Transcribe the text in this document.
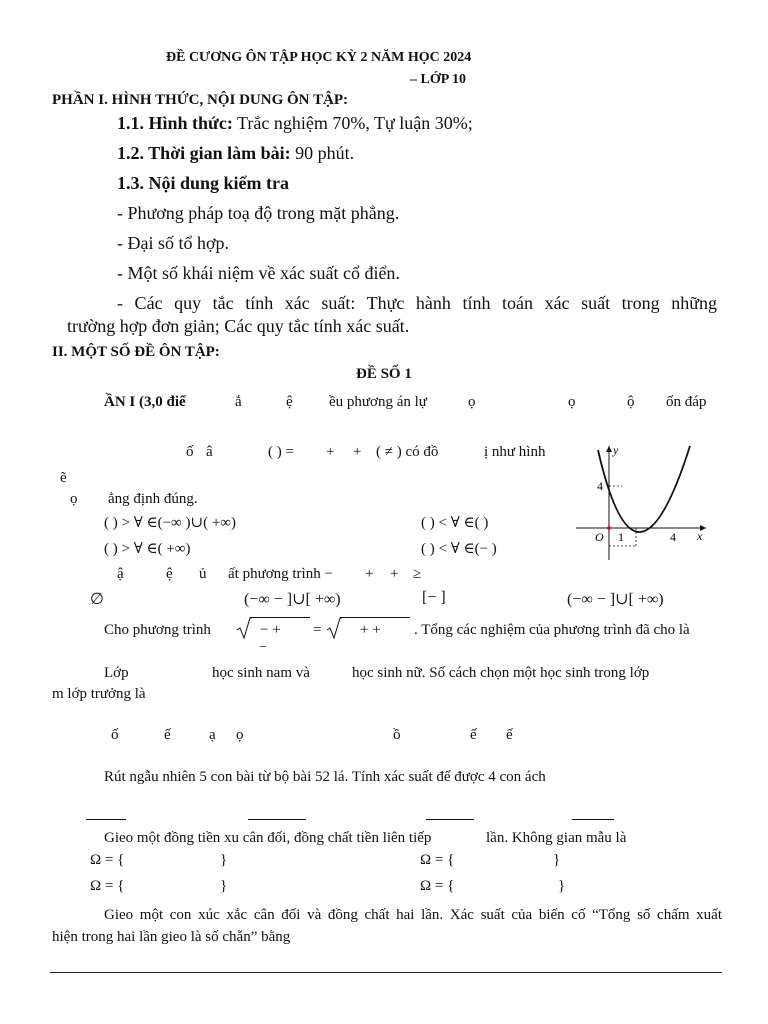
ĐỀ CƯƠNG ÔN TẬP HỌC KỲ 2 NĂM HỌC 2024
– LỚP 10
PHẦN I. HÌNH THỨC, NỘI DUNG ÔN TẬP:
1.1. Hình thức: Trắc nghiệm 70%, Tự luận 30%;
1.2. Thời gian làm bài: 90 phút.
1.3. Nội dung kiểm tra
- Phương pháp toạ độ trong mặt phẳng.
- Đại số tổ hợp.
- Một số khái niệm về xác suất cổ điển.
- Các quy tắc tính xác suất: Thực hành tính toán xác suất trong những
trường hợp đơn giản; Các quy tắc tính xác suất.
II. MỘT SỐ ĐỀ ÔN TẬP:
ĐỀ SỐ 1
ẦN I (3,0 điể	ắ	ệ ều phương án lự	ọ	ọ	ộ ốn đáp
ố â	( ) = + + ( ≠ ) có đồ	ị như hình
ẽ
ọ ẳng định đúng.
( ) > ∀ ∈(−∞ )∪( +∞)	( ) < ∀ ∈( )
( ) > ∀ ∈( +∞)	( ) < ∀ ∈(− )
y
x
O
4
1	4
ậ	ệ ủ ất phương trình − + + ≥
∅	(−∞ − ]∪[ +∞)	[− ]	(−∞ − ]∪[ +∞)
Cho phương trình	− + =	+ + . Tổng các nghiệm của phương trình đã cho là
−
Lớp	học sinh nam và	học sinh nữ. Số cách chọn một học sinh trong lớp
m lớp trưởng là
ố	ế	ạ ọ	ồ	ế ế
Rút ngẫu nhiên 5 con bài từ bộ bài 52 lá. Tính xác suất để được 4 con ách
Gieo một đồng tiền xu cân đối, đồng chất tiền liên tiếp	lần. Không gian mẫu là
Ω = {	}	Ω = {	}
Ω = {	}	Ω = {	}
Gieo một con xúc xắc cân đối và đồng chất hai lần. Xác suất của biến cố “Tổng số chấm xuất
hiện trong hai lần gieo là số chẵn” bằng
